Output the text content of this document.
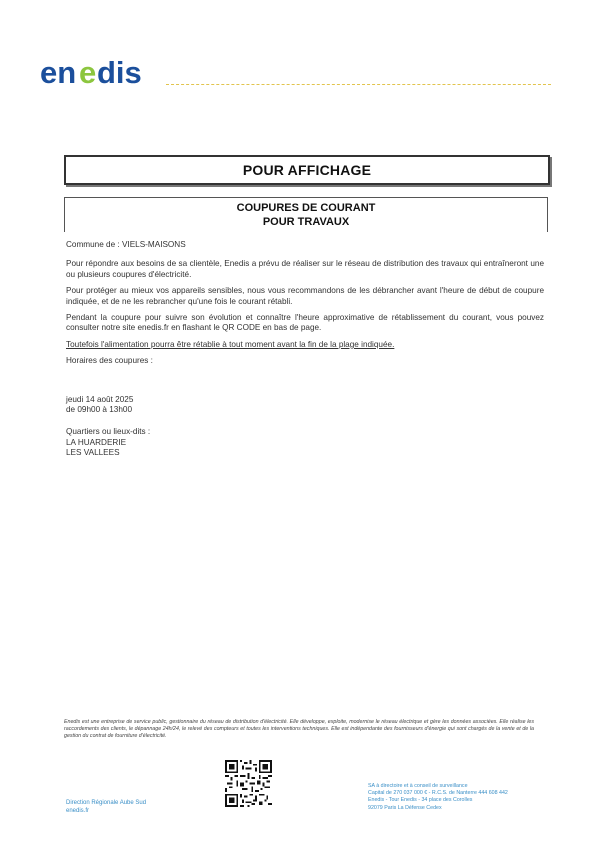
en e dis
POUR AFFICHAGE
COUPURES DE COURANT
POUR TRAVAUX

Commune de : VIELS-MAISONS

Pour répondre aux besoins de sa clientèle, Enedis a prévu de réaliser sur le réseau de distribution des travaux qui entraîneront une ou plusieurs coupures d'électricité.

Pour protéger au mieux vos appareils sensibles, nous vous recommandons de les débrancher avant l'heure de début de coupure indiquée, et de ne les rebrancher qu'une fois le courant rétabli.

Pendant la coupure pour suivre son évolution et connaître l'heure approximative de rétablissement du courant, vous pouvez consulter notre site enedis.fr en flashant le QR CODE en bas de page.

Toutefois l'alimentation pourra être rétablie à tout moment avant la fin de la plage indiquée.

Horaires des coupures :

jeudi 14 août 2025
de 09h00 à 13h00
Quartiers ou lieux-dits :
LA HUARDERIE
LES VALLEES
Enedis est une entreprise de service public, gestionnaire du réseau de distribution d'électricité. Elle développe, exploite, modernise le réseau électrique et gère les données associées. Elle réalise les raccordements des clients, le dépannage 24h/24, le relevé des compteurs et toutes les interventions techniques. Elle est indépendante des fournisseurs d'énergie qui sont chargés de la vente et de la gestion du contrat de fourniture d'électricité.
Direction Régionale Aube Sud
enedis.fr
SA à directoire et à conseil de surveillance
Capital de 270 037 000 € - R.C.S. de Nanterre 444 608 442
Enedis - Tour Enedis - 34 place des Corolles
92079 Paris La Défense Cedex
